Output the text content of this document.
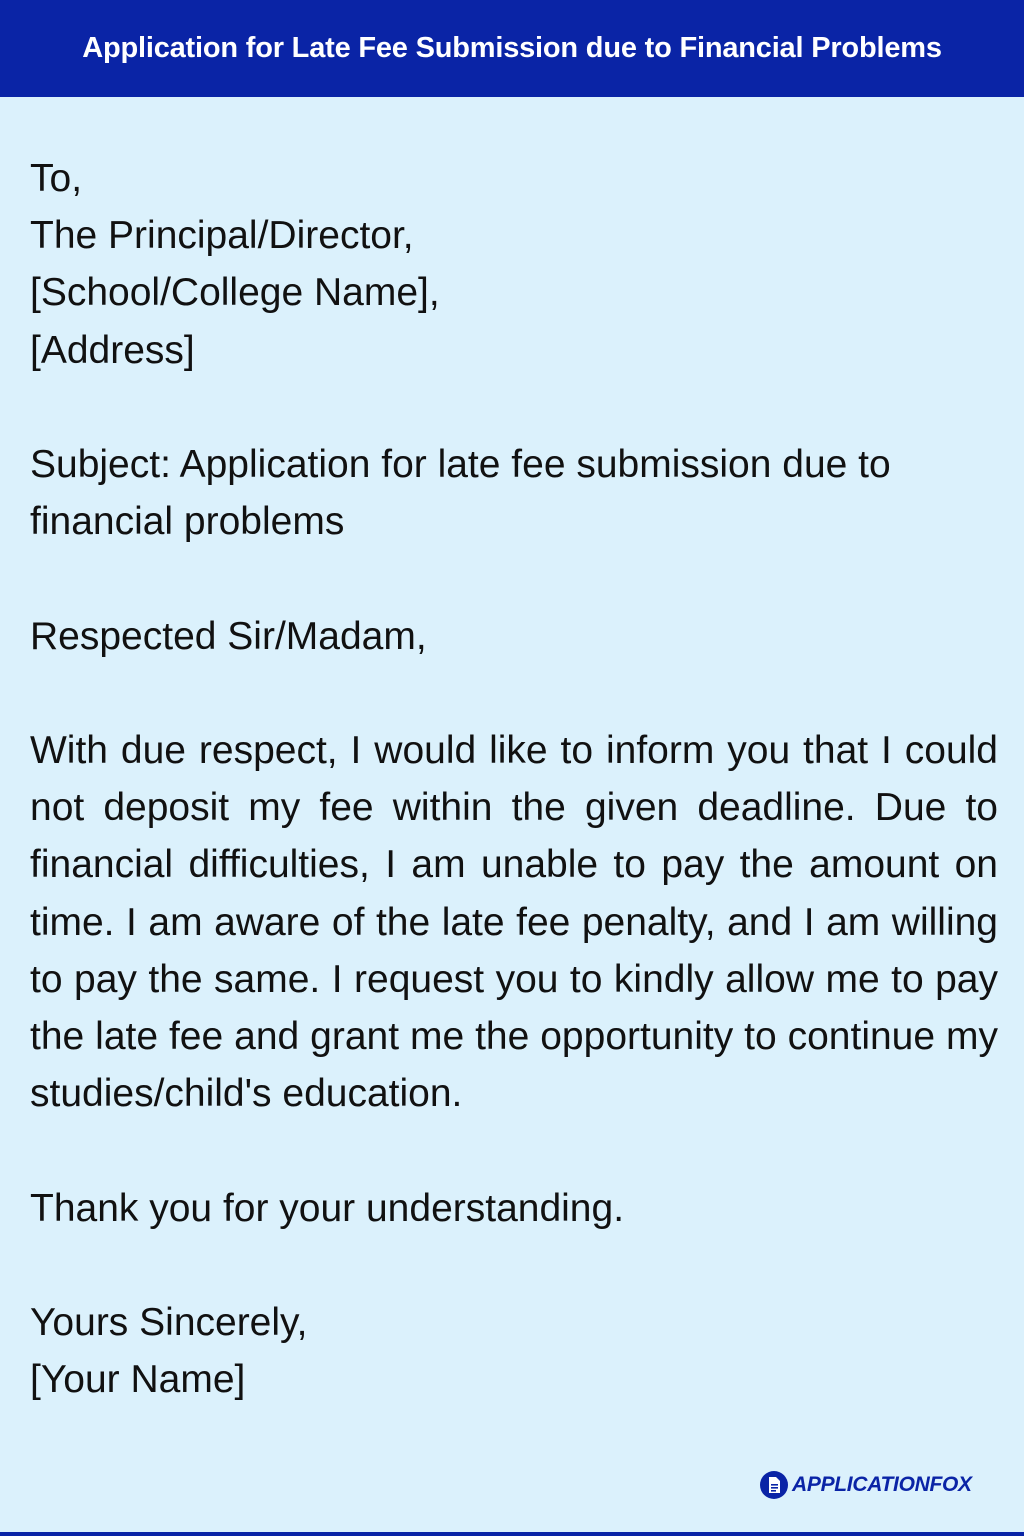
Application for Late Fee Submission due to Financial Problems

To,

The Principal/Director,

[School/College Name],

[Address]

Subject: Application for late fee submission due to financial problems

Respected Sir/Madam,

With due respect, I would like to inform you that I could not deposit my fee within the given deadline. Due to financial difficulties, I am unable to pay the amount on time. I am aware of the late fee penalty, and I am willing to pay the same. I request you to kindly allow me to pay the late fee and grant me the opportunity to continue my studies/child's education.

Thank you for your understanding.

Yours Sincerely,

[Your Name]

APPLICATIONFOX
